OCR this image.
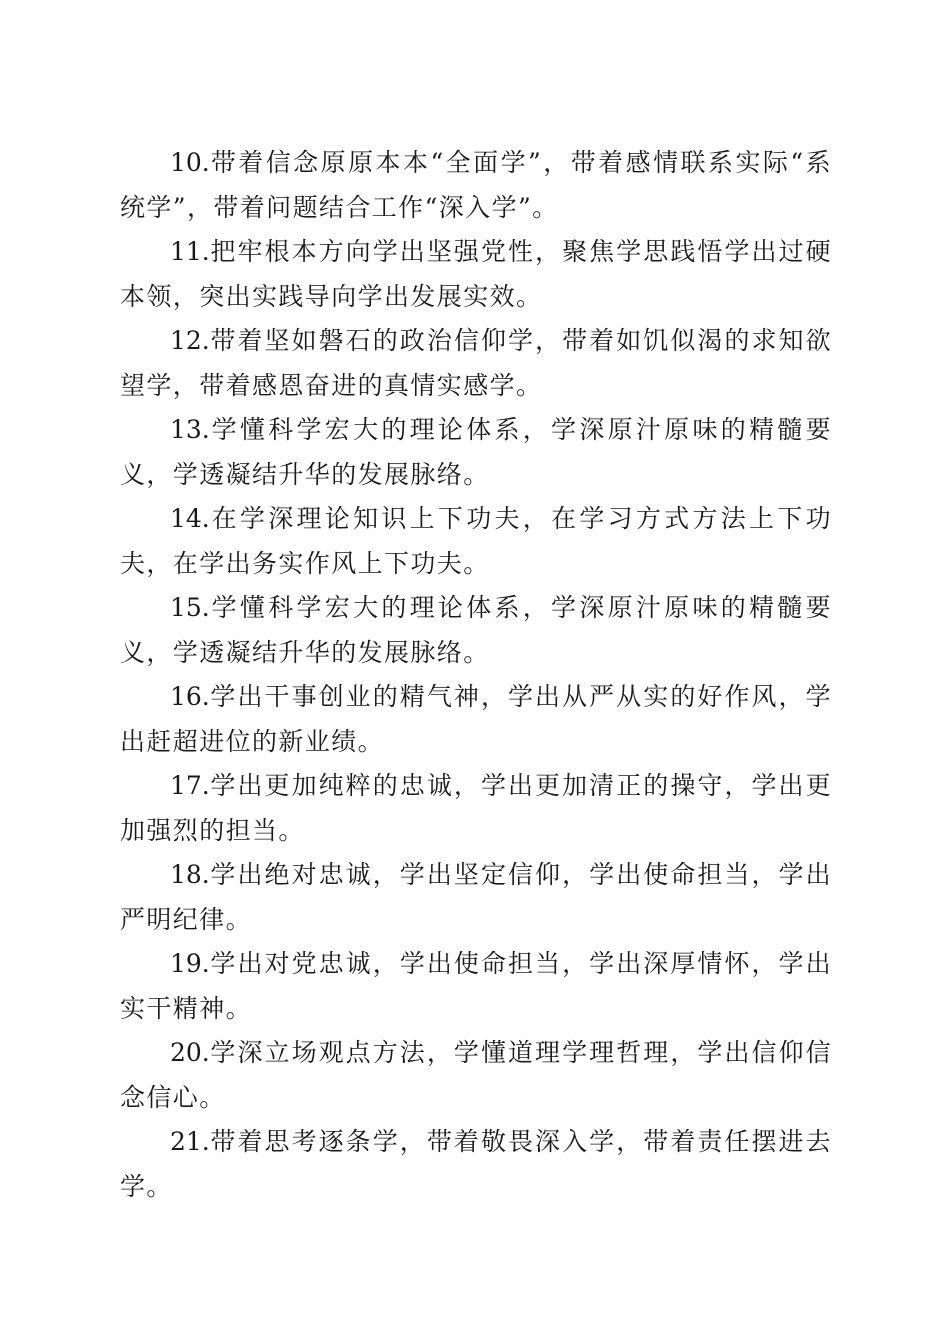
10.带着信念原原本本“全面学”，带着感情联系实际“系统学”，带着问题结合工作“深入学”。

11.把牢根本方向学出坚强党性，聚焦学思践悟学出过硬本领，突出实践导向学出发展实效。

12.带着坚如磐石的政治信仰学，带着如饥似渴的求知欲望学，带着感恩奋进的真情实感学。

13.学懂科学宏大的理论体系，学深原汁原味的精髓要义，学透凝结升华的发展脉络。

14.在学深理论知识上下功夫，在学习方式方法上下功夫，在学出务实作风上下功夫。

15.学懂科学宏大的理论体系，学深原汁原味的精髓要义，学透凝结升华的发展脉络。

16.学出干事创业的精气神，学出从严从实的好作风，学出赶超进位的新业绩。

17.学出更加纯粹的忠诚，学出更加清正的操守，学出更加强烈的担当。

18.学出绝对忠诚，学出坚定信仰，学出使命担当，学出严明纪律。

19.学出对党忠诚，学出使命担当，学出深厚情怀，学出实干精神。

20.学深立场观点方法，学懂道理学理哲理，学出信仰信念信心。

21.带着思考逐条学，带着敬畏深入学，带着责任摆进去学。
